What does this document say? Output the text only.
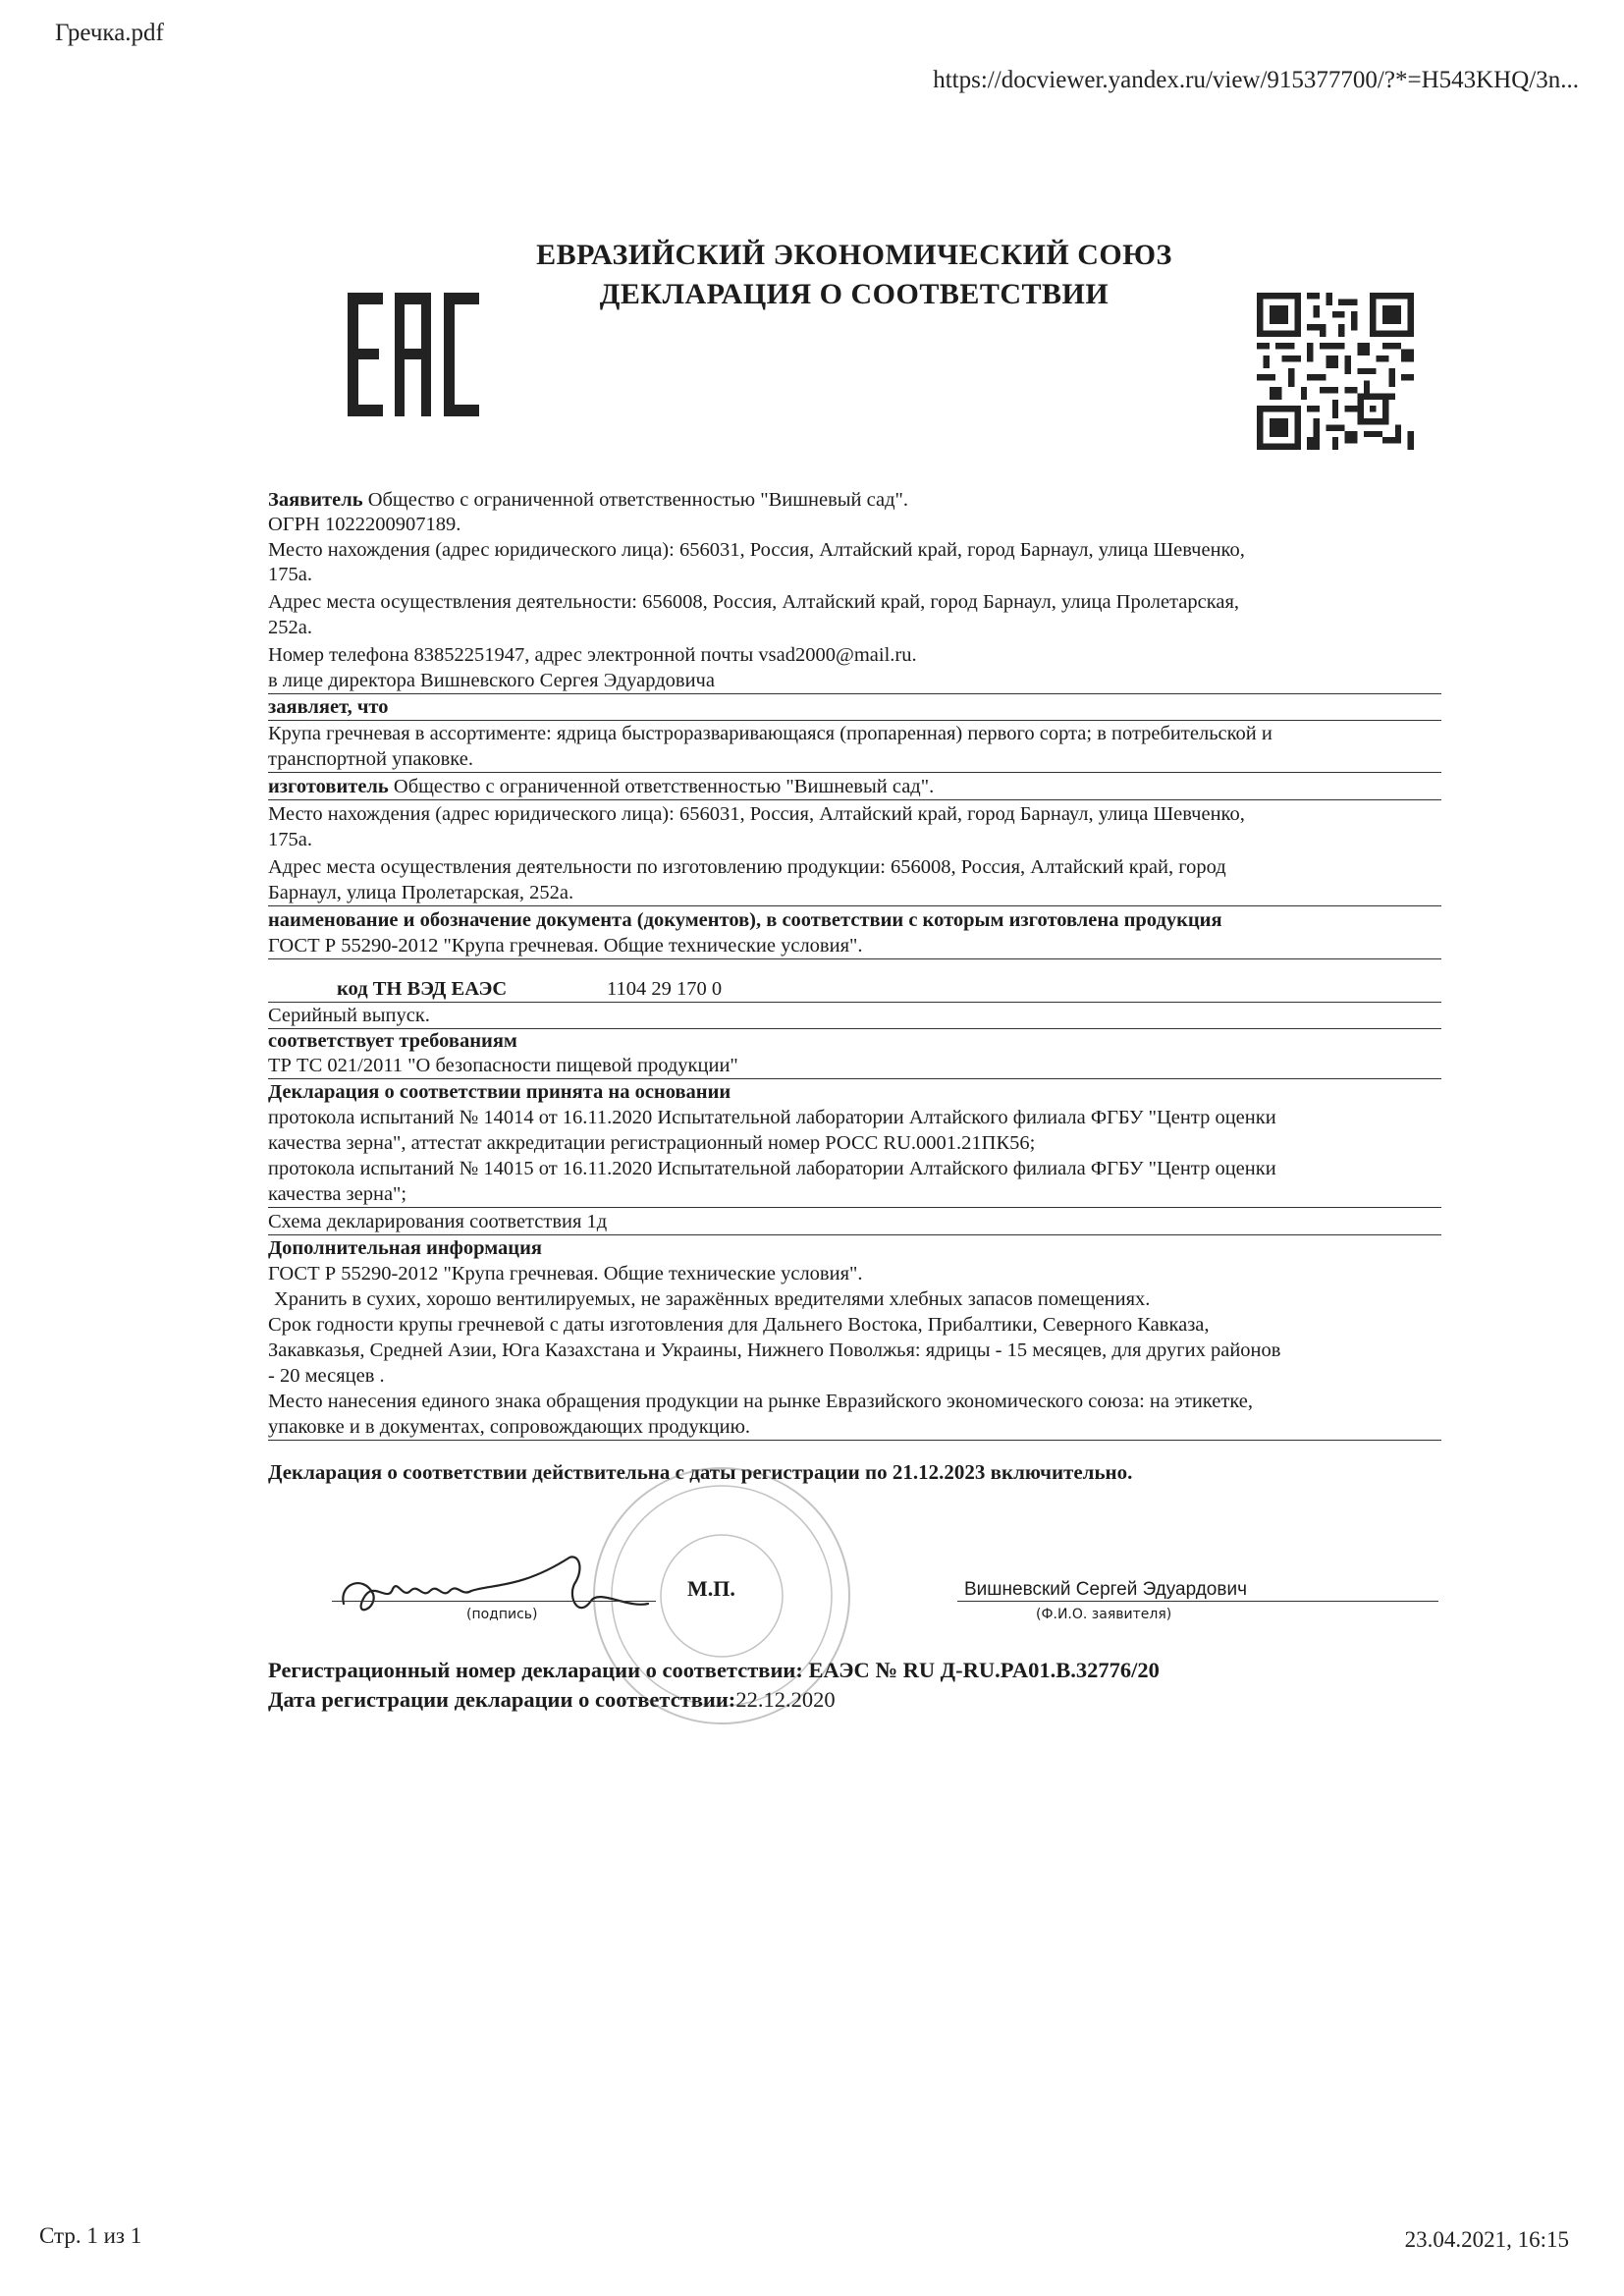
Гречка.pdf
https://docviewer.yandex.ru/view/915377700/?*=H543KHQ/3n...
ЕВРАЗИЙСКИЙ ЭКОНОМИЧЕСКИЙ СОЮЗ
ДЕКЛАРАЦИЯ О СООТВЕТСТВИИ
Заявитель Общество с ограниченной ответственностью "Вишневый сад".
ОГРН 1022200907189.
Место нахождения (адрес юридического лица): 656031, Россия, Алтайский край, город Барнаул, улица Шевченко,
175а.
Адрес места осуществления деятельности: 656008, Россия, Алтайский край, город Барнаул, улица Пролетарская,
252а.
Номер телефона 83852251947, адрес электронной почты vsad2000@mail.ru.
в лице директора Вишневского Сергея Эдуардовича
заявляет, что
Крупа гречневая в ассортименте: ядрица быстроразваривающаяся (пропаренная) первого сорта; в потребительской и
транспортной упаковке.
изготовитель Общество с ограниченной ответственностью "Вишневый сад".
Место нахождения (адрес юридического лица): 656031, Россия, Алтайский край, город Барнаул, улица Шевченко,
175а.
Адрес места осуществления деятельности по изготовлению продукции: 656008, Россия, Алтайский край, город
Барнаул, улица Пролетарская, 252а.
наименование и обозначение документа (документов), в соответствии с которым изготовлена продукция
ГОСТ Р 55290-2012 "Крупа гречневая. Общие технические условия".
код ТН ВЭД ЕАЭС	1104 29 170 0
Серийный выпуск.
соответствует требованиям
ТР ТС 021/2011 "О безопасности пищевой продукции"
Декларация о соответствии принята на основании
протокола испытаний № 14014 от 16.11.2020 Испытательной лаборатории Алтайского филиала ФГБУ "Центр оценки
качества зерна", аттестат аккредитации регистрационный номер РОСС RU.0001.21ПК56;
протокола испытаний № 14015 от 16.11.2020 Испытательной лаборатории Алтайского филиала ФГБУ "Центр оценки
качества зерна";
Схема декларирования соответствия 1д
Дополнительная информация
ГОСТ Р 55290-2012 "Крупа гречневая. Общие технические условия".
Хранить в сухих, хорошо вентилируемых, не заражённых вредителями хлебных запасов помещениях.
Срок годности крупы гречневой с даты изготовления для Дальнего Востока, Прибалтики, Северного Кавказа,
Закавказья, Средней Азии, Юга Казахстана и Украины, Нижнего Поволжья: ядрицы - 15 месяцев, для других районов
- 20 месяцев .
Место нанесения единого знака обращения продукции на рынке Евразийского экономического союза: на этикетке,
упаковке и в документах, сопровождающих продукцию.
Декларация о соответствии действительна с даты регистрации по 21.12.2023 включительно.
(подпись)
М.П.	Вишневский Сергей Эдуардович
(Ф.И.О. заявителя)
Регистрационный номер декларации о соответствии: ЕАЭС № RU Д-RU.PA01.B.32776/20
Дата регистрации декларации о соответствии:22.12.2020
Стр. 1 из 1	23.04.2021, 16:15
